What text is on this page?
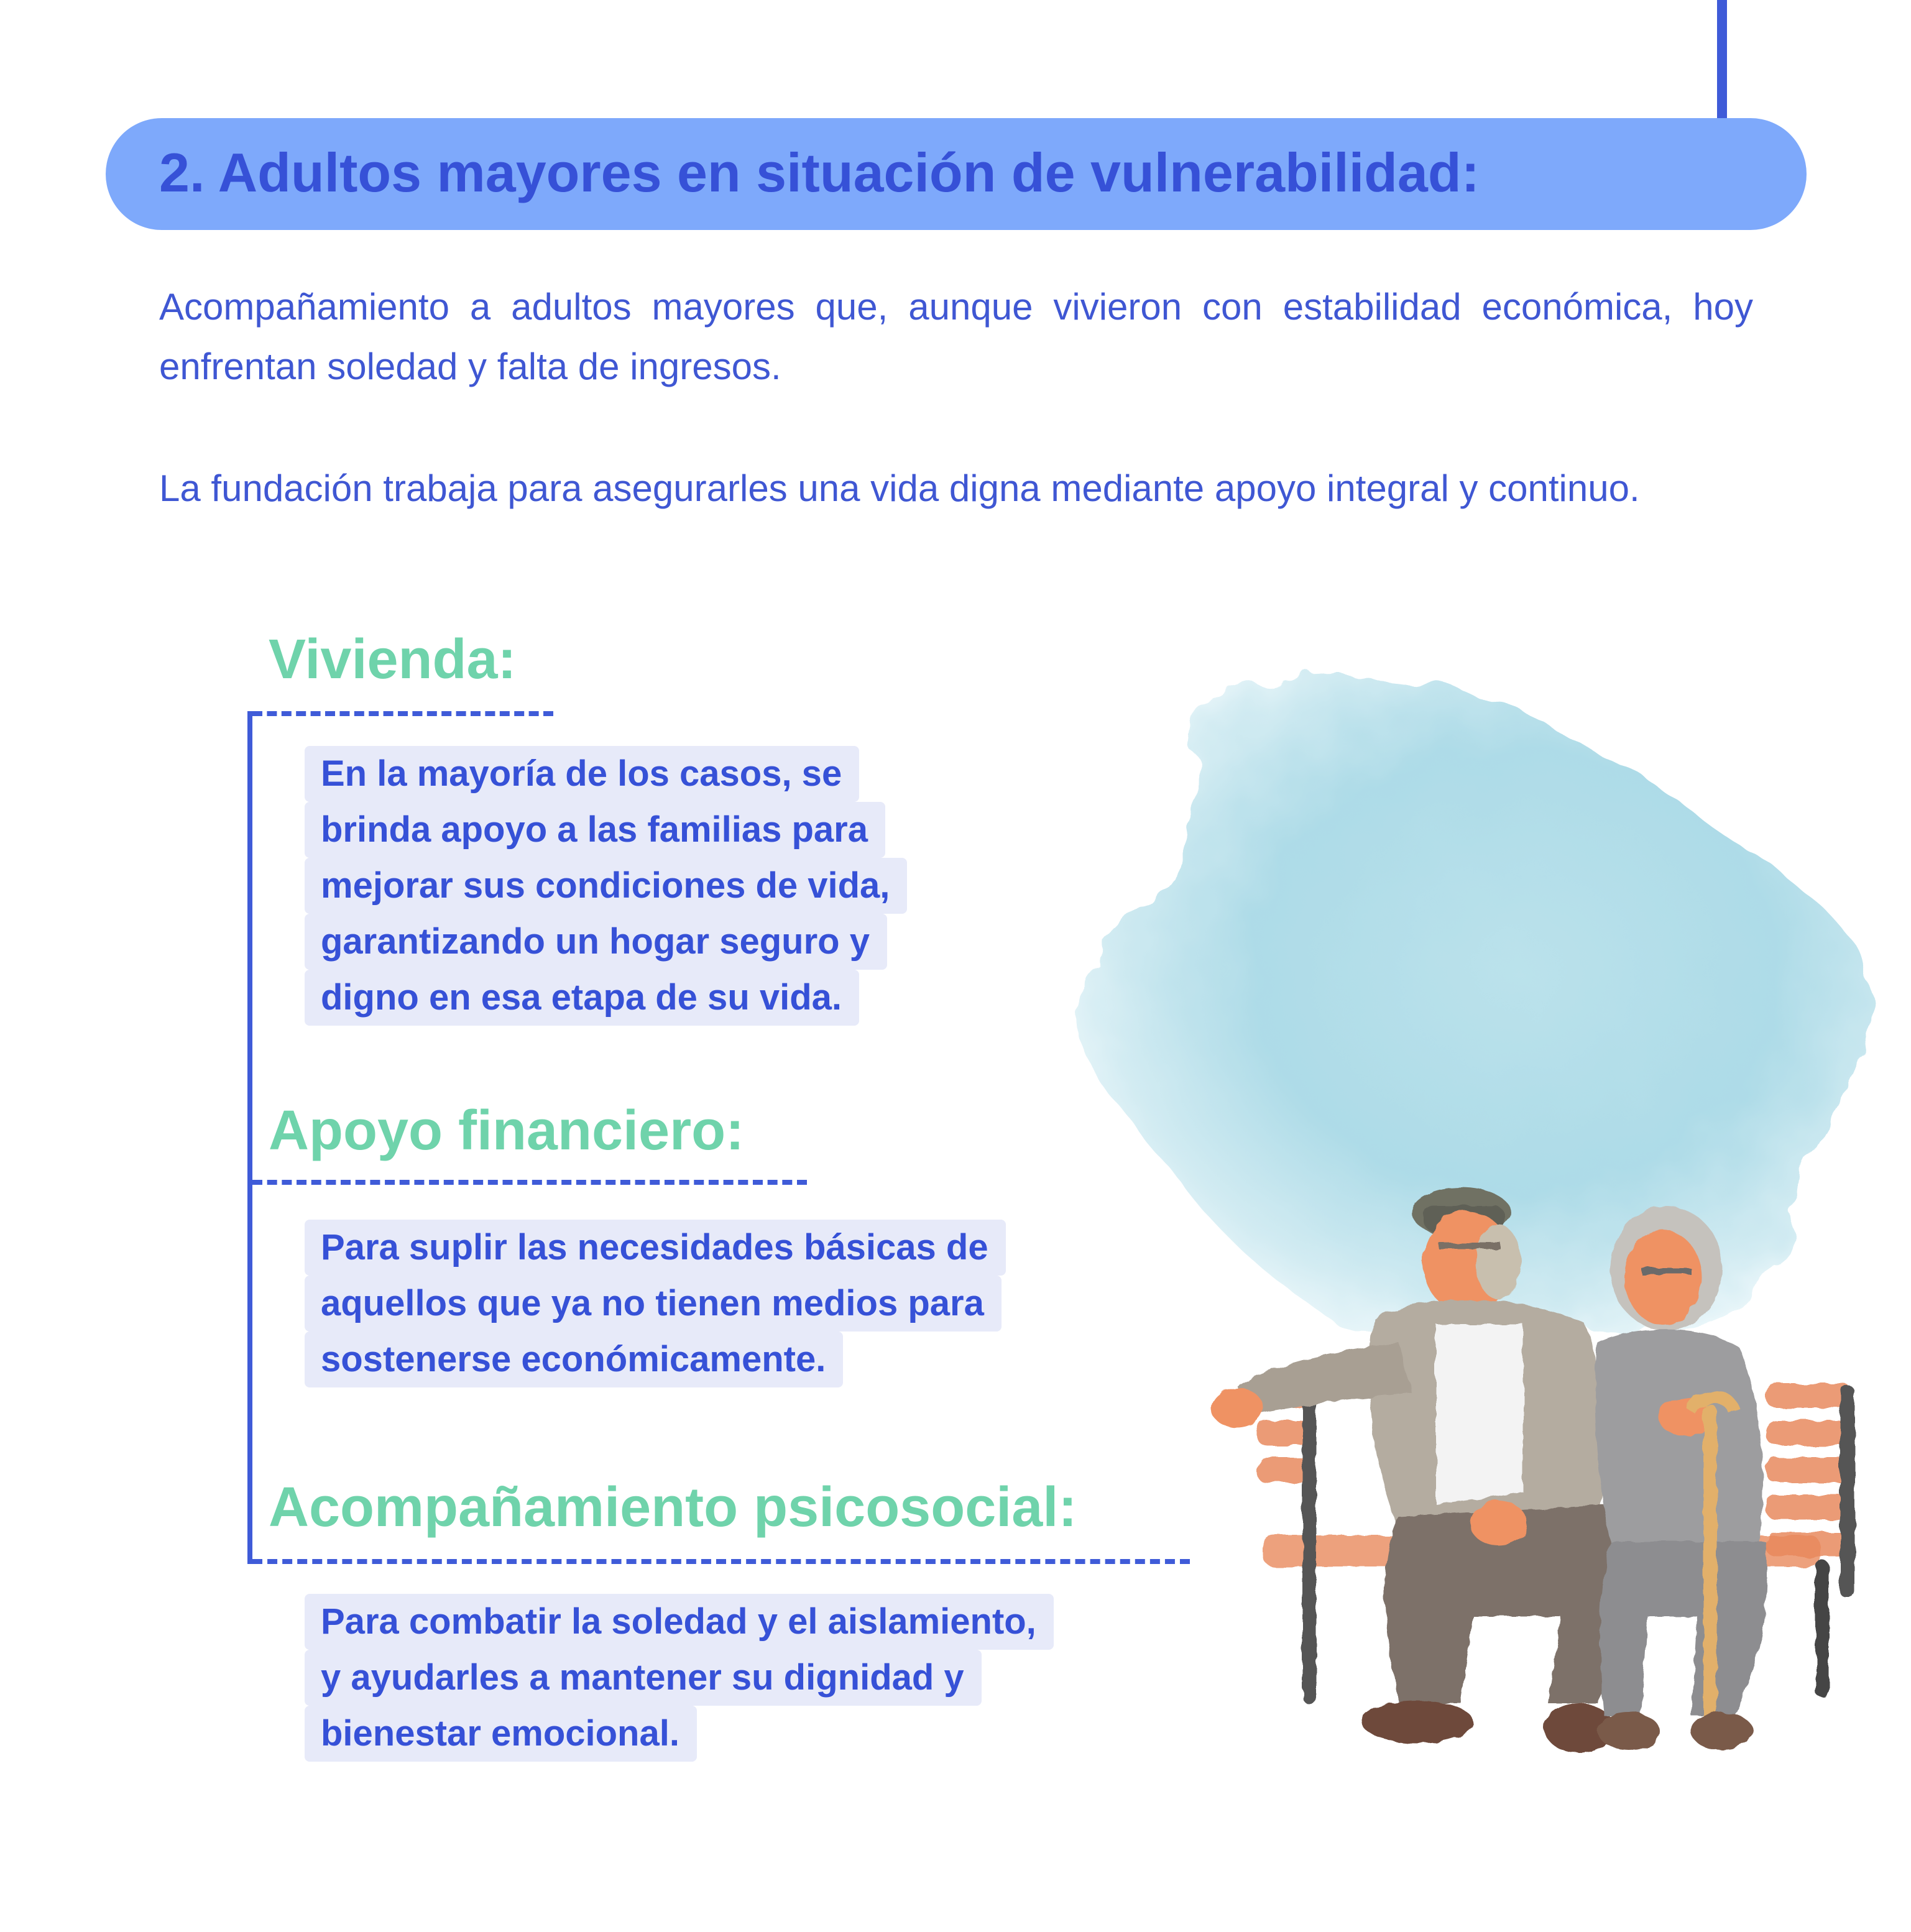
2. Adultos mayores en situación de vulnerabilidad:

Acompañamiento a adultos mayores que, aunque vivieron con estabilidad económica, hoy enfrentan soledad y falta de ingresos.

La fundación trabaja para asegurarles una vida digna mediante apoyo integral y continuo.

Vivienda:
En la mayoría de los casos, se
brinda apoyo a las familias para
mejorar sus condiciones de vida,
garantizando un hogar seguro y
digno en esa etapa de su vida.
Apoyo financiero:
Para suplir las necesidades básicas de
aquellos que ya no tienen medios para
sostenerse económicamente.
Acompañamiento psicosocial:
Para combatir la soledad y el aislamiento,
y ayudarles a mantener su dignidad y
bienestar emocional.
